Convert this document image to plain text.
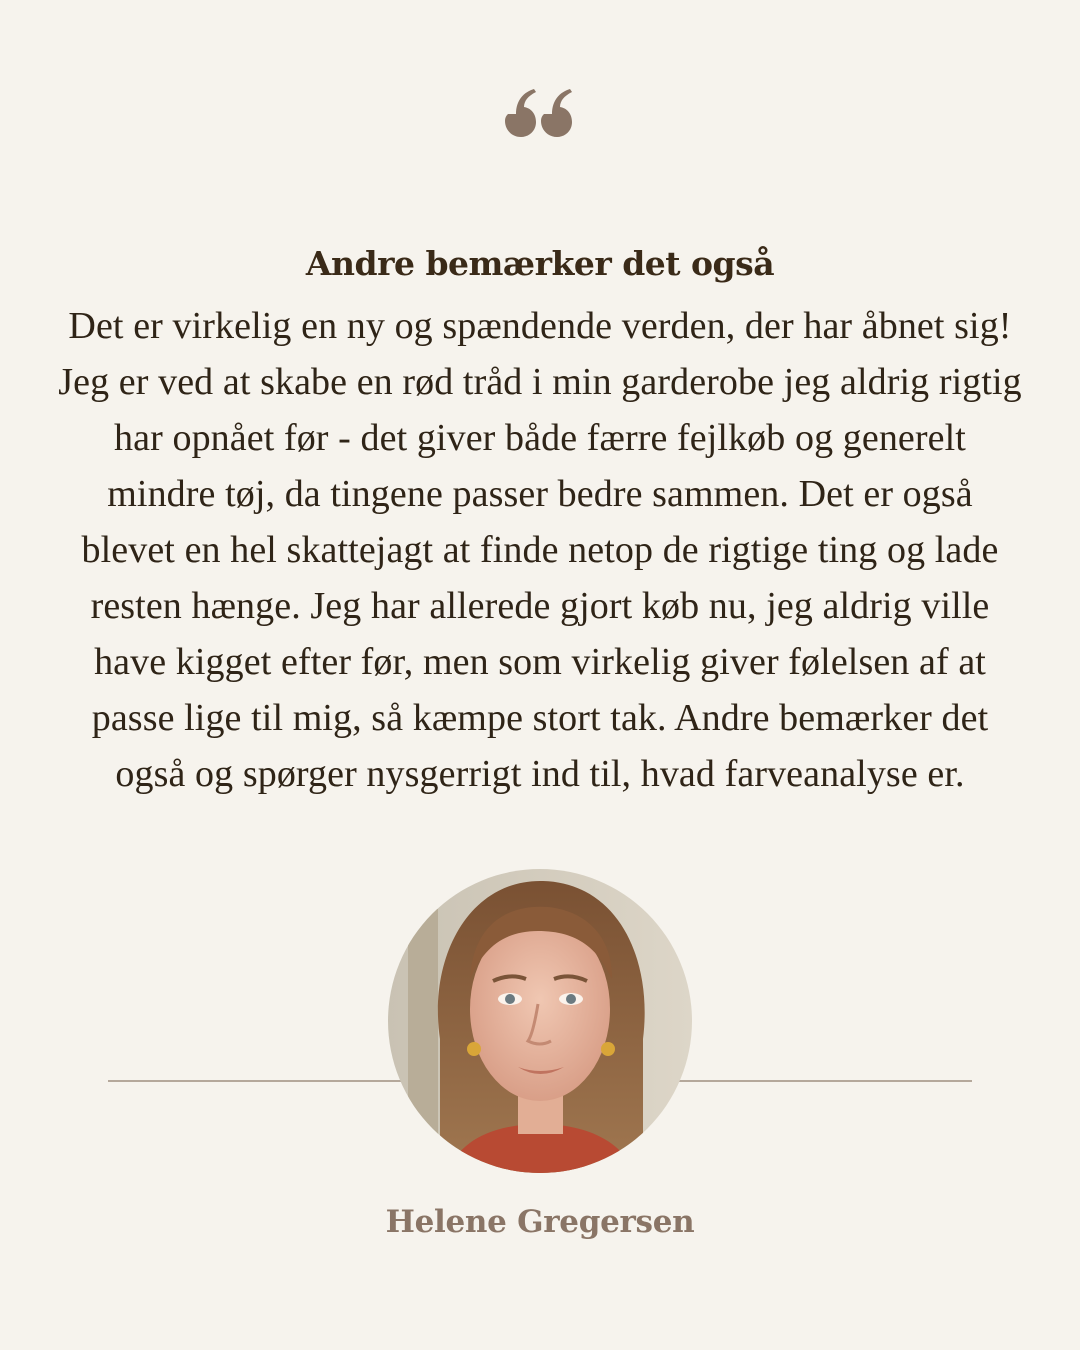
Andre bemærker det også

Det er virkelig en ny og spændende verden, der har åbnet sig! Jeg er ved at skabe en rød tråd i min garderobe jeg aldrig rigtig har opnået før - det giver både færre fejlkøb og generelt mindre tøj, da tingene passer bedre sammen. Det er også blevet en hel skattejagt at finde netop de rigtige ting og lade resten hænge. Jeg har allerede gjort køb nu, jeg aldrig ville have kigget efter før, men som virkelig giver følelsen af at passe lige til mig, så kæmpe stort tak. Andre bemærker det også og spørger nysgerrigt ind til, hvad farveanalyse er.

Helene Gregersen
